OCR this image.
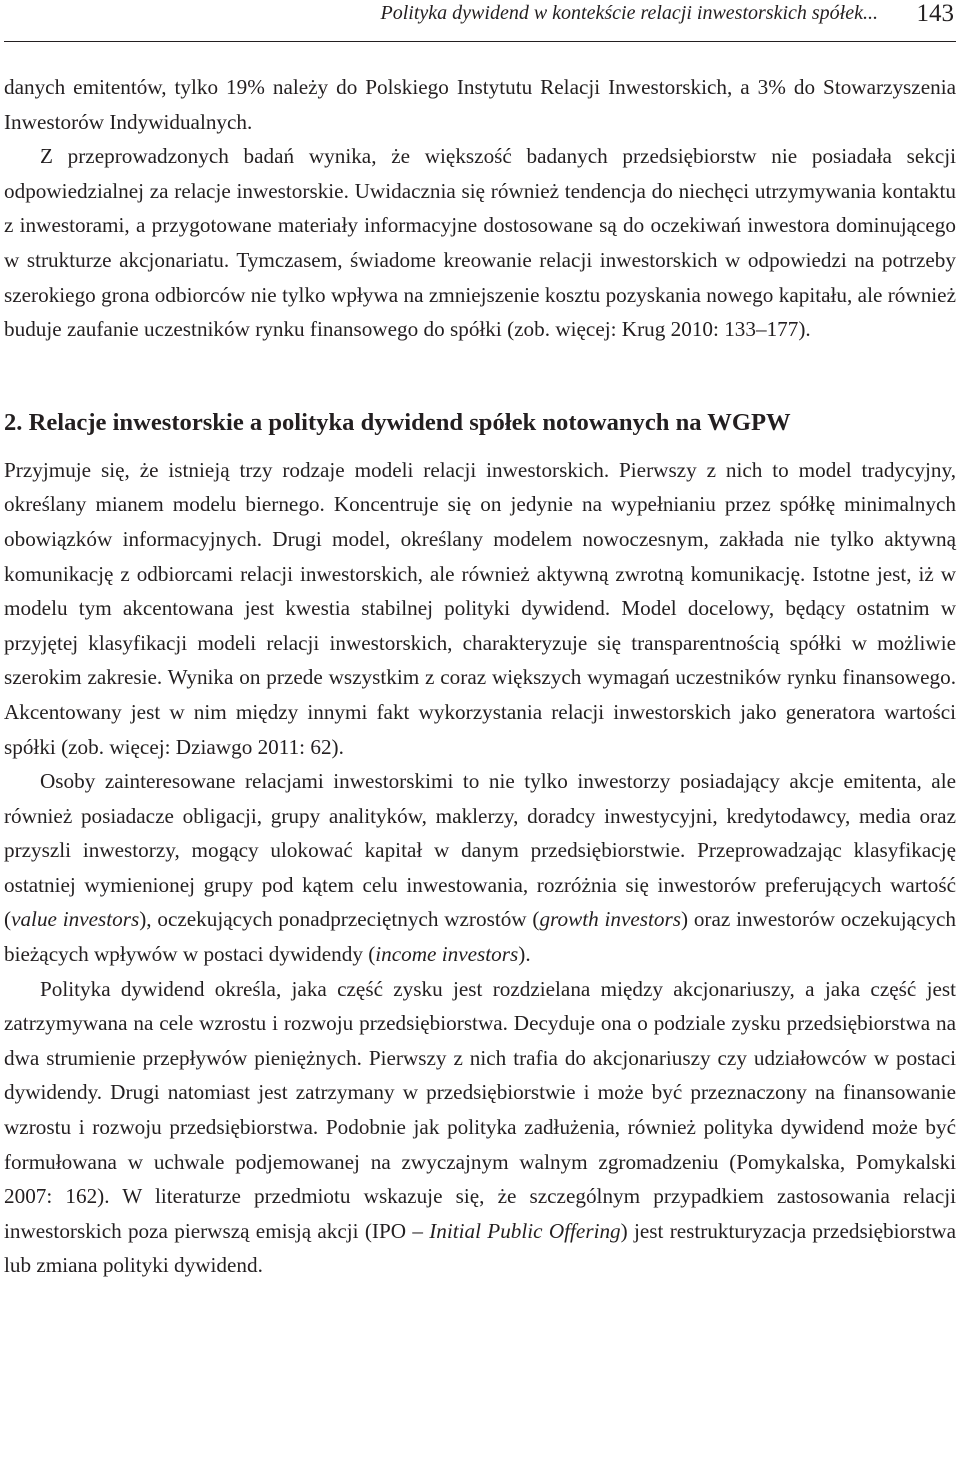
Polityka dywidend w kontekście relacji inwestorskich spółek... 143

danych emitentów, tylko 19% należy do Polskiego Instytutu Relacji Inwestorskich, a 3% do Stowarzyszenia Inwestorów Indywidualnych.

Z przeprowadzonych badań wynika, że większość badanych przedsiębiorstw nie posiadała sekcji odpowiedzialnej za relacje inwestorskie. Uwidacznia się również tendencja do niechęci utrzymywania kontaktu z inwestorami, a przygotowane materiały informacyjne dostosowane są do oczekiwań inwestora dominującego w strukturze akcjonariatu. Tymczasem, świadome kreowanie relacji inwestorskich w odpowiedzi na potrzeby szerokiego grona odbiorców nie tylko wpływa na zmniejszenie kosztu pozyskania nowego kapitału, ale również buduje zaufanie uczestników rynku finansowego do spółki (zob. więcej: Krug 2010: 133–177).

2. Relacje inwestorskie a polityka dywidend spółek notowanych na WGPW

Przyjmuje się, że istnieją trzy rodzaje modeli relacji inwestorskich. Pierwszy z nich to model tradycyjny, określany mianem modelu biernego. Koncentruje się on jedynie na wypełnianiu przez spółkę minimalnych obowiązków informacyjnych. Drugi model, określany modelem nowoczesnym, zakłada nie tylko aktywną komunikację z odbiorcami relacji inwestorskich, ale również aktywną zwrotną komunikację. Istotne jest, iż w modelu tym akcentowana jest kwestia stabilnej polityki dywidend. Model docelowy, będący ostatnim w przyjętej klasyfikacji modeli relacji inwestorskich, charakteryzuje się transparentnością spółki w możliwie szerokim zakresie. Wynika on przede wszystkim z coraz większych wymagań uczestników rynku finansowego. Akcentowany jest w nim między innymi fakt wykorzystania relacji inwestorskich jako generatora wartości spółki (zob. więcej: Dziawgo 2011: 62).

Osoby zainteresowane relacjami inwestorskimi to nie tylko inwestorzy posiadający akcje emitenta, ale również posiadacze obligacji, grupy analityków, maklerzy, doradcy inwestycyjni, kredytodawcy, media oraz przyszli inwestorzy, mogący ulokować kapitał w danym przedsiębiorstwie. Przeprowadzając klasyfikację ostatniej wymienionej grupy pod kątem celu inwestowania, rozróżnia się inwestorów preferujących wartość (value investors), oczekujących ponadprzeciętnych wzrostów (growth investors) oraz inwestorów oczekujących bieżących wpływów w postaci dywidendy (income investors).

Polityka dywidend określa, jaka część zysku jest rozdzielana między akcjonariuszy, a jaka część jest zatrzymywana na cele wzrostu i rozwoju przedsiębiorstwa. Decyduje ona o podziale zysku przedsiębiorstwa na dwa strumienie przepływów pieniężnych. Pierwszy z nich trafia do akcjonariuszy czy udziałowców w postaci dywidendy. Drugi natomiast jest zatrzymany w przedsiębiorstwie i może być przeznaczony na finansowanie wzrostu i rozwoju przedsiębiorstwa. Podobnie jak polityka zadłużenia, również polityka dywidend może być formułowana w uchwale podjemowanej na zwyczajnym walnym zgromadzeniu (Pomykalska, Pomykalski 2007: 162). W literaturze przedmiotu wskazuje się, że szczególnym przypadkiem zastosowania relacji inwestorskich poza pierwszą emisją akcji (IPO – Initial Public Offering) jest restrukturyzacja przedsiębiorstwa lub zmiana polityki dywidend.
